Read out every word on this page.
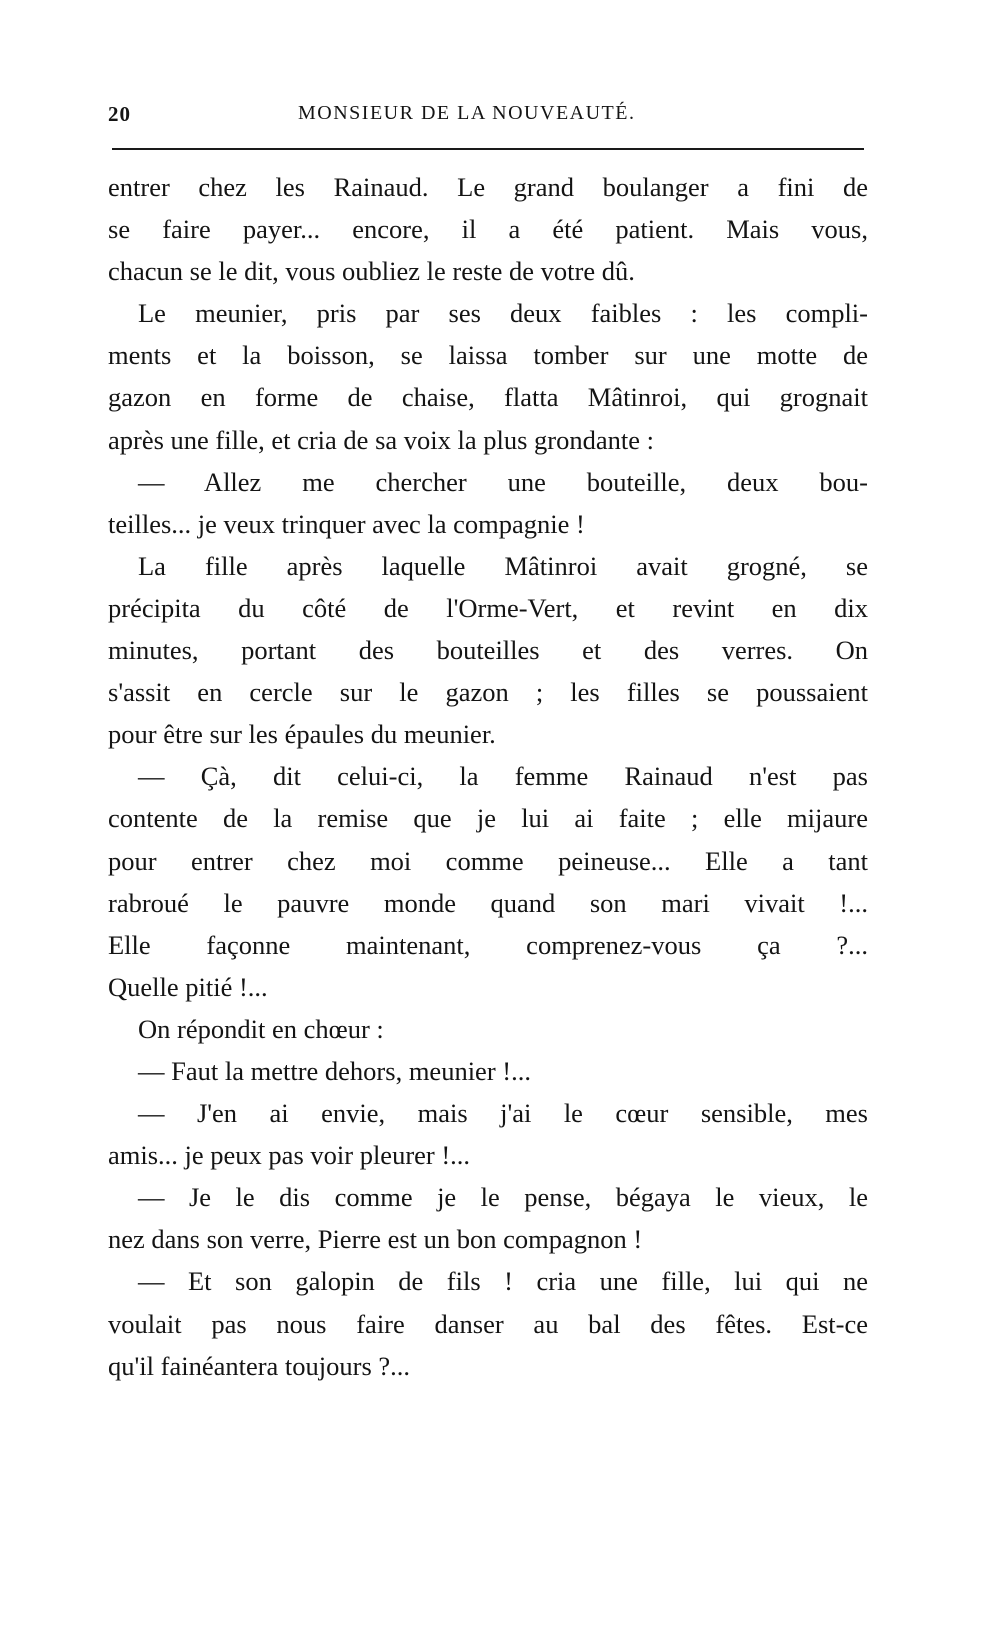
20	MONSIEUR DE LA NOUVEAUTÉ.
entrer chez les Rainaud. Le grand boulanger a fini de
se faire payer... encore, il a été patient. Mais vous,
chacun se le dit, vous oubliez le reste de votre dû.
Le meunier, pris par ses deux faibles : les compli-
ments et la boisson, se laissa tomber sur une motte de
gazon en forme de chaise, flatta Mâtinroi, qui grognait
après une fille, et cria de sa voix la plus grondante :
— Allez me chercher une bouteille, deux bou-
teilles... je veux trinquer avec la compagnie !
La fille après laquelle Mâtinroi avait grogné, se
précipita du côté de l'Orme-Vert, et revint en dix
minutes, portant des bouteilles et des verres. On
s'assit en cercle sur le gazon ; les filles se poussaient
pour être sur les épaules du meunier.
— Çà, dit celui-ci, la femme Rainaud n'est pas
contente de la remise que je lui ai faite ; elle mijaure
pour entrer chez moi comme peineuse... Elle a tant
rabroué le pauvre monde quand son mari vivait !...
Elle façonne maintenant, comprenez-vous ça ?...
Quelle pitié !...
On répondit en chœur :
— Faut la mettre dehors, meunier !...
— J'en ai envie, mais j'ai le cœur sensible, mes
amis... je peux pas voir pleurer !...
— Je le dis comme je le pense, bégaya le vieux, le
nez dans son verre, Pierre est un bon compagnon !
— Et son galopin de fils ! cria une fille, lui qui ne
voulait pas nous faire danser au bal des fêtes. Est-ce
qu'il fainéantera toujours ?...
